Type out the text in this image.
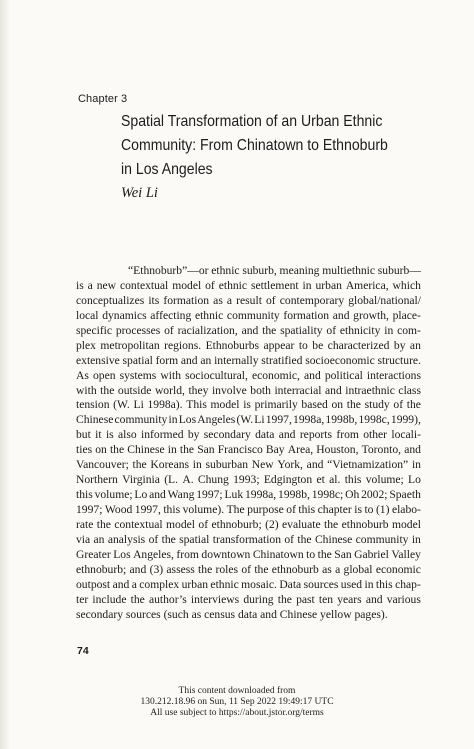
Chapter 3
Spatial Transformation of an Urban Ethnic
Community: From Chinatown to Ethnoburb
in Los Angeles
Wei Li
“Ethnoburb”—or ethnic suburb, meaning multiethnic suburb—
is a new contextual model of ethnic settlement in urban America, which
conceptualizes its formation as a result of contemporary global/national/
local dynamics affecting ethnic community formation and growth, place-
specific processes of racialization, and the spatiality of ethnicity in com-
plex metropolitan regions. Ethnoburbs appear to be characterized by an
extensive spatial form and an internally stratified socioeconomic structure.
As open systems with sociocultural, economic, and political interactions
with the outside world, they involve both interracial and intraethnic class
tension (W. Li 1998a). This model is primarily based on the study of the
Chinese community in Los Angeles (W. Li 1997, 1998a, 1998b, 1998c, 1999),
but it is also informed by secondary data and reports from other locali-
ties on the Chinese in the San Francisco Bay Area, Houston, Toronto, and
Vancouver; the Koreans in suburban New York, and “Vietnamization” in
Northern Virginia (L. A. Chung 1993; Edgington et al. this volume; Lo
this volume; Lo and Wang 1997; Luk 1998a, 1998b, 1998c; Oh 2002; Spaeth
1997; Wood 1997, this volume). The purpose of this chapter is to (1) elabo-
rate the contextual model of ethnoburb; (2) evaluate the ethnoburb model
via an analysis of the spatial transformation of the Chinese community in
Greater Los Angeles, from downtown Chinatown to the San Gabriel Valley
ethnoburb; and (3) assess the roles of the ethnoburb as a global economic
outpost and a complex urban ethnic mosaic. Data sources used in this chap-
ter include the author’s interviews during the past ten years and various
secondary sources (such as census data and Chinese yellow pages).
74
This content downloaded from
130.212.18.96 on Sun, 11 Sep 2022 19:49:17 UTC
All use subject to https://about.jstor.org/terms
